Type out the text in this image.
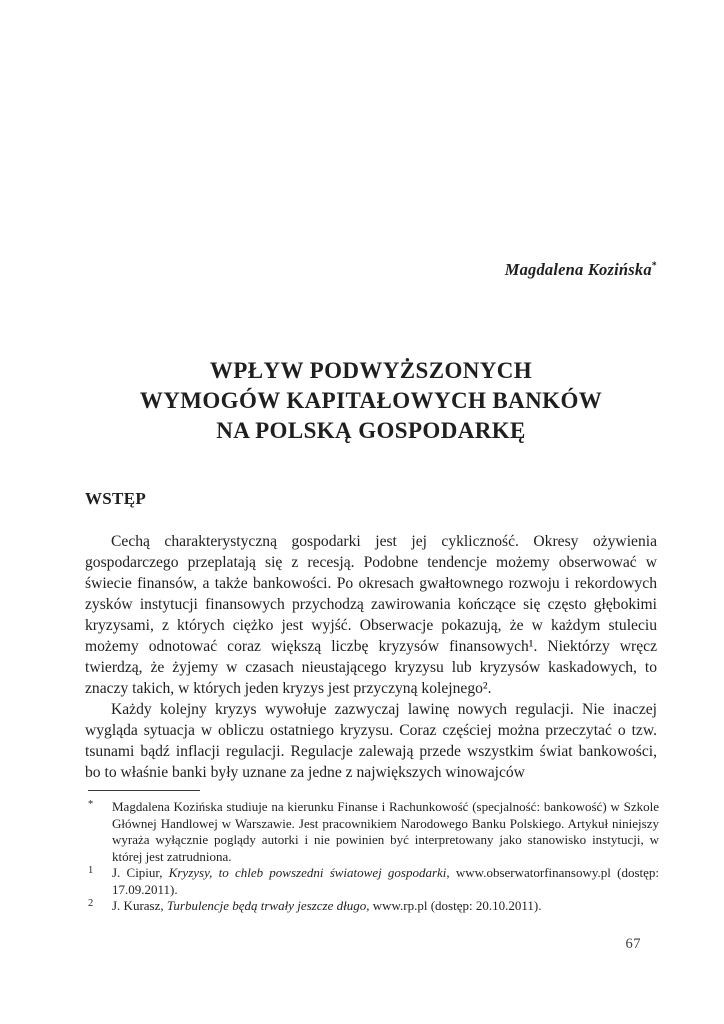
Magdalena Kozińska*
WPŁYW PODWYŻSZONYCH
WYMOGÓW KAPITAŁOWYCH BANKÓW
NA POLSKĄ GOSPODARKĘ
WSTĘP

Cechą charakterystyczną gospodarki jest jej cykliczność. Okresy ożywienia gospodarczego przeplatają się z recesją. Podobne tendencje możemy obserwować w świecie finansów, a także bankowości. Po okresach gwałtownego rozwoju i rekordowych zysków instytucji finansowych przychodzą zawirowania kończące się często głębokimi kryzysami, z których ciężko jest wyjść. Obserwacje pokazują, że w każdym stuleciu możemy odnotować coraz większą liczbę kryzysów finansowych¹. Niektórzy wręcz twierdzą, że żyjemy w czasach nieustającego kryzysu lub kryzysów kaskadowych, to znaczy takich, w których jeden kryzys jest przyczyną kolejnego².

Każdy kolejny kryzys wywołuje zazwyczaj lawinę nowych regulacji. Nie inaczej wygląda sytuacja w obliczu ostatniego kryzysu. Coraz częściej można przeczytać o tzw. tsunami bądź inflacji regulacji. Regulacje zalewają przede wszystkim świat bankowości, bo to właśnie banki były uznane za jedne z największych winowajców

* Magdalena Kozińska studiuje na kierunku Finanse i Rachunkowość (specjalność: bankowość) w Szkole Głównej Handlowej w Warszawie. Jest pracownikiem Narodowego Banku Polskiego. Artykuł niniejszy wyraża wyłącznie poglądy autorki i nie powinien być interpretowany jako stanowisko instytucji, w której jest zatrudniona.
1 J. Cipiur, Kryzysy, to chleb powszedni światowej gospodarki, www.obserwatorfinansowy.pl (dostęp: 17.09.2011).
2 J. Kurasz, Turbulencje będą trwały jeszcze długo, www.rp.pl (dostęp: 20.10.2011).
67
